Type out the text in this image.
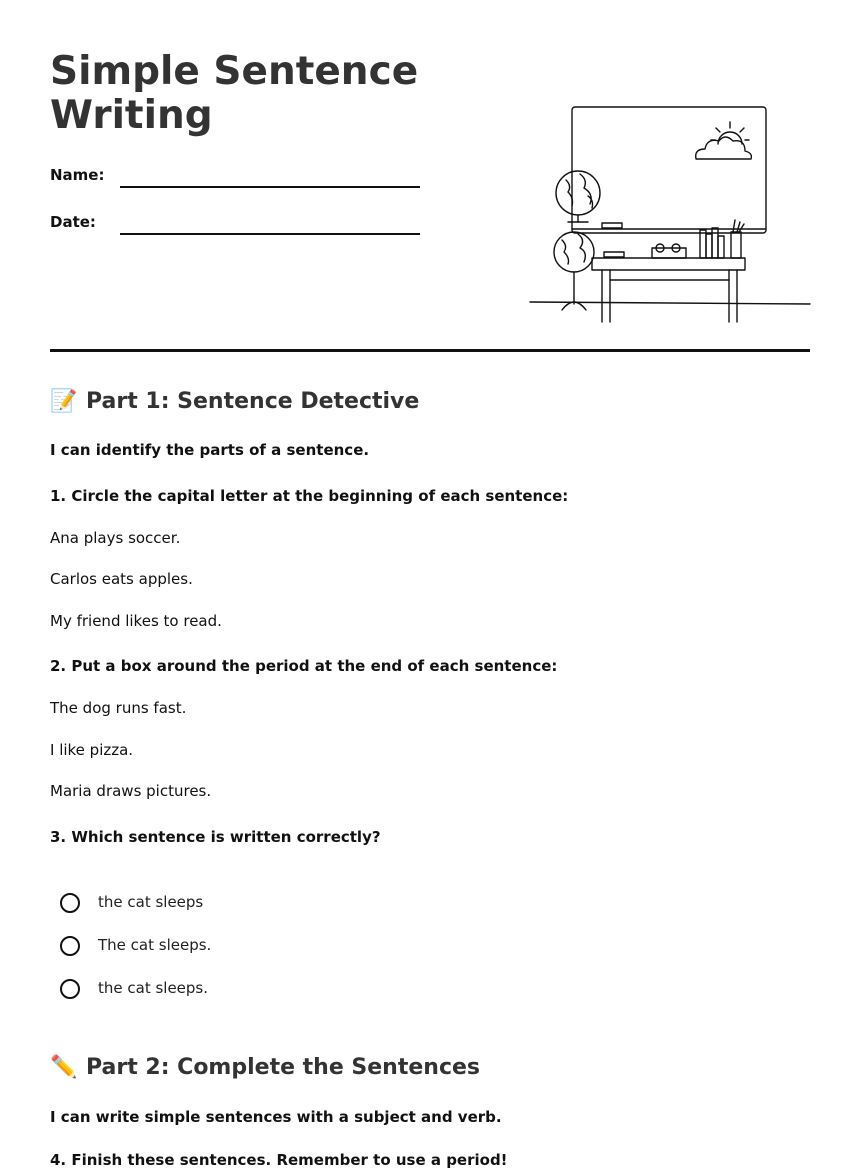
Simple Sentence Writing
Name:
Date:
📝 Part 1: Sentence Detective
I can identify the parts of a sentence.
1. Circle the capital letter at the beginning of each sentence:
Ana plays soccer.
Carlos eats apples.
My friend likes to read.
2. Put a box around the period at the end of each sentence:
The dog runs fast.
I like pizza.
Maria draws pictures.
3. Which sentence is written correctly?
the cat sleeps
The cat sleeps.
the cat sleeps.
✏️ Part 2: Complete the Sentences
I can write simple sentences with a subject and verb.
4. Finish these sentences. Remember to use a period!
